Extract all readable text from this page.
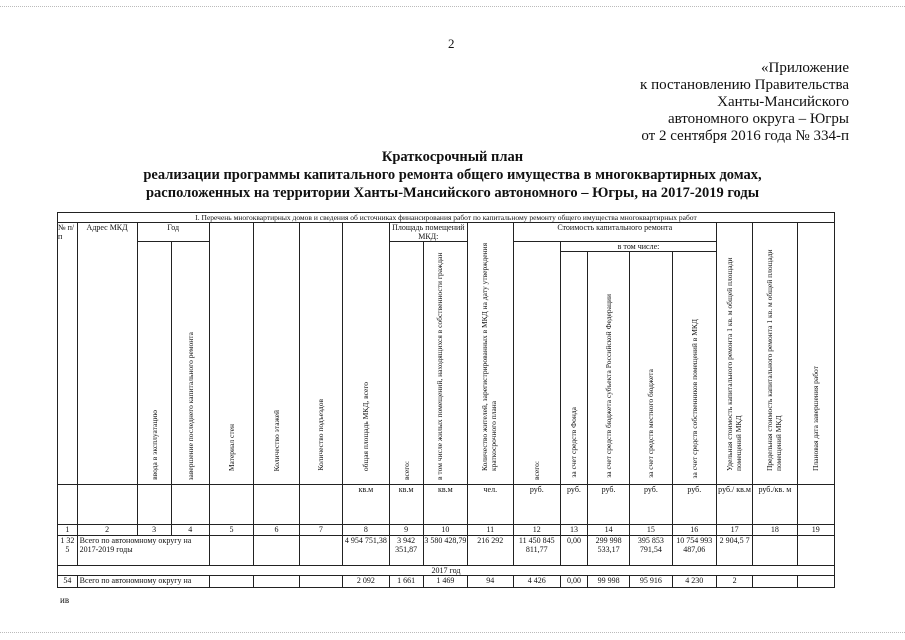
2
«Приложение
к постановлению Правительства
Ханты-Мансийского
автономного округа – Югры
от 2 сентября 2016 года № 334-п
Краткосрочный план
реализации программы капитального ремонта общего имущества в многоквартирных домах,
расположенных на территории Ханты-Мансийского автономного – Югры, на 2017-2019 годы
I. Перечень многоквартирных домов и сведения об источниках финансирования работ по капитальному ремонту общего имущества многоквартирных работ																		
№ п/ п	Адрес МКД	Год		Материал стен	Количество этажей	Количество подъездов	общая площадь МКД, всего	Площадь помещений МКД:		Количество жителей, зарегистрированных в МКД на дату утверждения краткосрочного плана	Стоимость капитального ремонта					Удельная стоимость капитального ремонта 1 кв. м общей площади помещений МКД	Предельная стоимость капитального ремонта 1 кв. м общей площади помещений МКД	Плановая дата завершения работ

		ввода в эксплуатацию	завершение последнего капитального ремонта					всего:	в том числе жилых помещений, находящихся в собственности граждан		всего:	в том числе:						

												за счет средств Фонда	за счет средств бюджета субъекта Российской Федерации	за счет средств местного бюджета	за счет средств собственников помещений в МКД			

							кв.м	кв.м	кв.м	чел.	руб.	руб.	руб.	руб.	руб.	руб./ кв.м	руб./кв. м	
1	2	3	4	5	6	7	8	9	10	11	12	13	14	15	16	17	18	19
1 32 5	Всего по автономному округу на 2017-2019 годы						4 954 751,38	3 942 351,87	3 580 428,79	216 292	11 450 845 811,77	0,00	299 998 533,17	395 853 791,54	10 754 993 487,06	2 904,5 7		
2017 год																		
54	Всего по автономному округу на						2 092	1 661	1 469	94	4 426	0,00	99 998	95 916	4 230	2		
ив
